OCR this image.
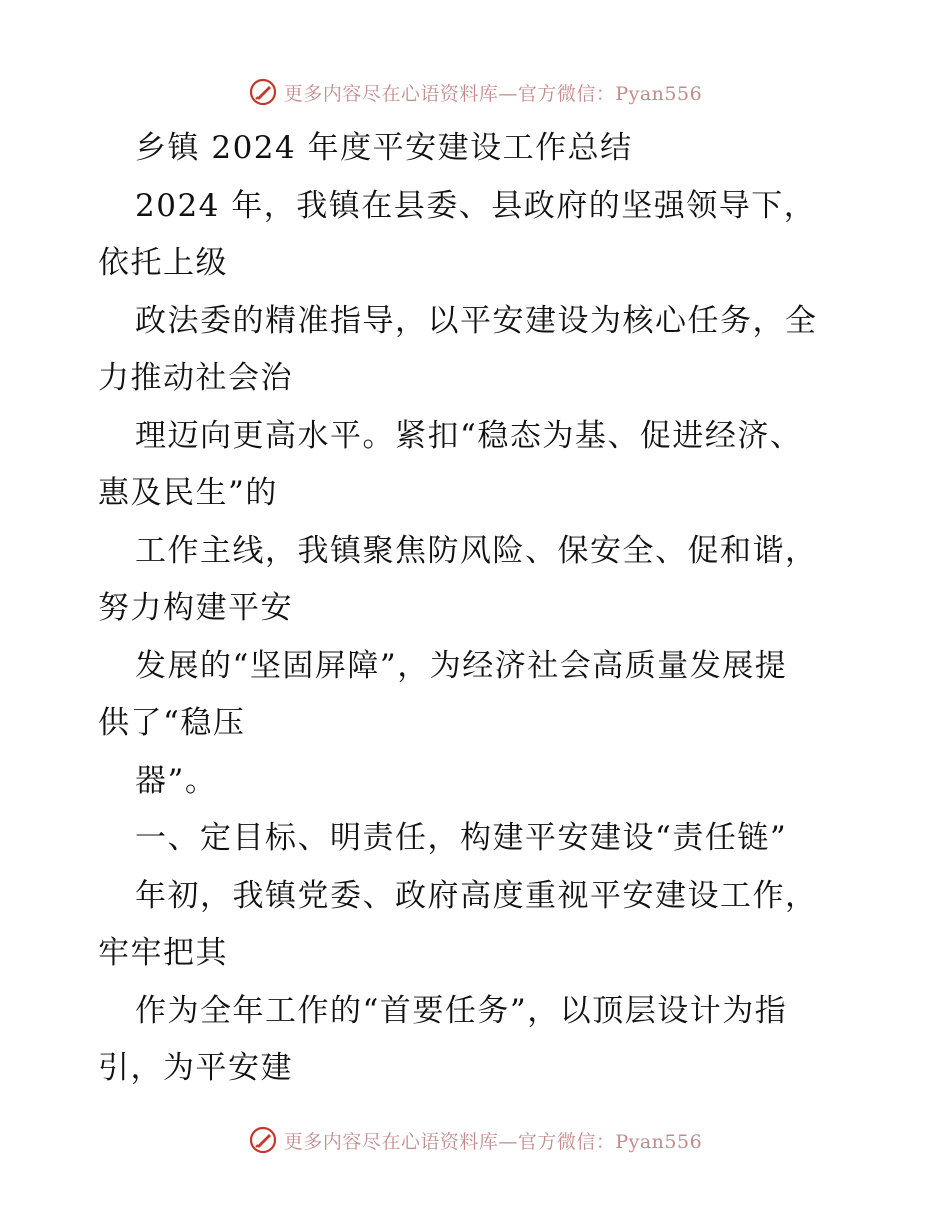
更多内容尽在心语资料库—官方微信：Pyan556
乡镇 2024 年度平安建设工作总结
2024 年，我镇在县委、县政府的坚强领导下，
依托上级
政法委的精准指导，以平安建设为核心任务，全
力推动社会治
理迈向更高水平。紧扣“稳态为基、促进经济、
惠及民生”的
工作主线，我镇聚焦防风险、保安全、促和谐，
努力构建平安
发展的“坚固屏障”，为经济社会高质量发展提
供了“稳压
器”。
一、定目标、明责任，构建平安建设“责任链”
年初，我镇党委、政府高度重视平安建设工作，
牢牢把其
作为全年工作的“首要任务”，以顶层设计为指
引，为平安建
更多内容尽在心语资料库—官方微信：Pyan556
